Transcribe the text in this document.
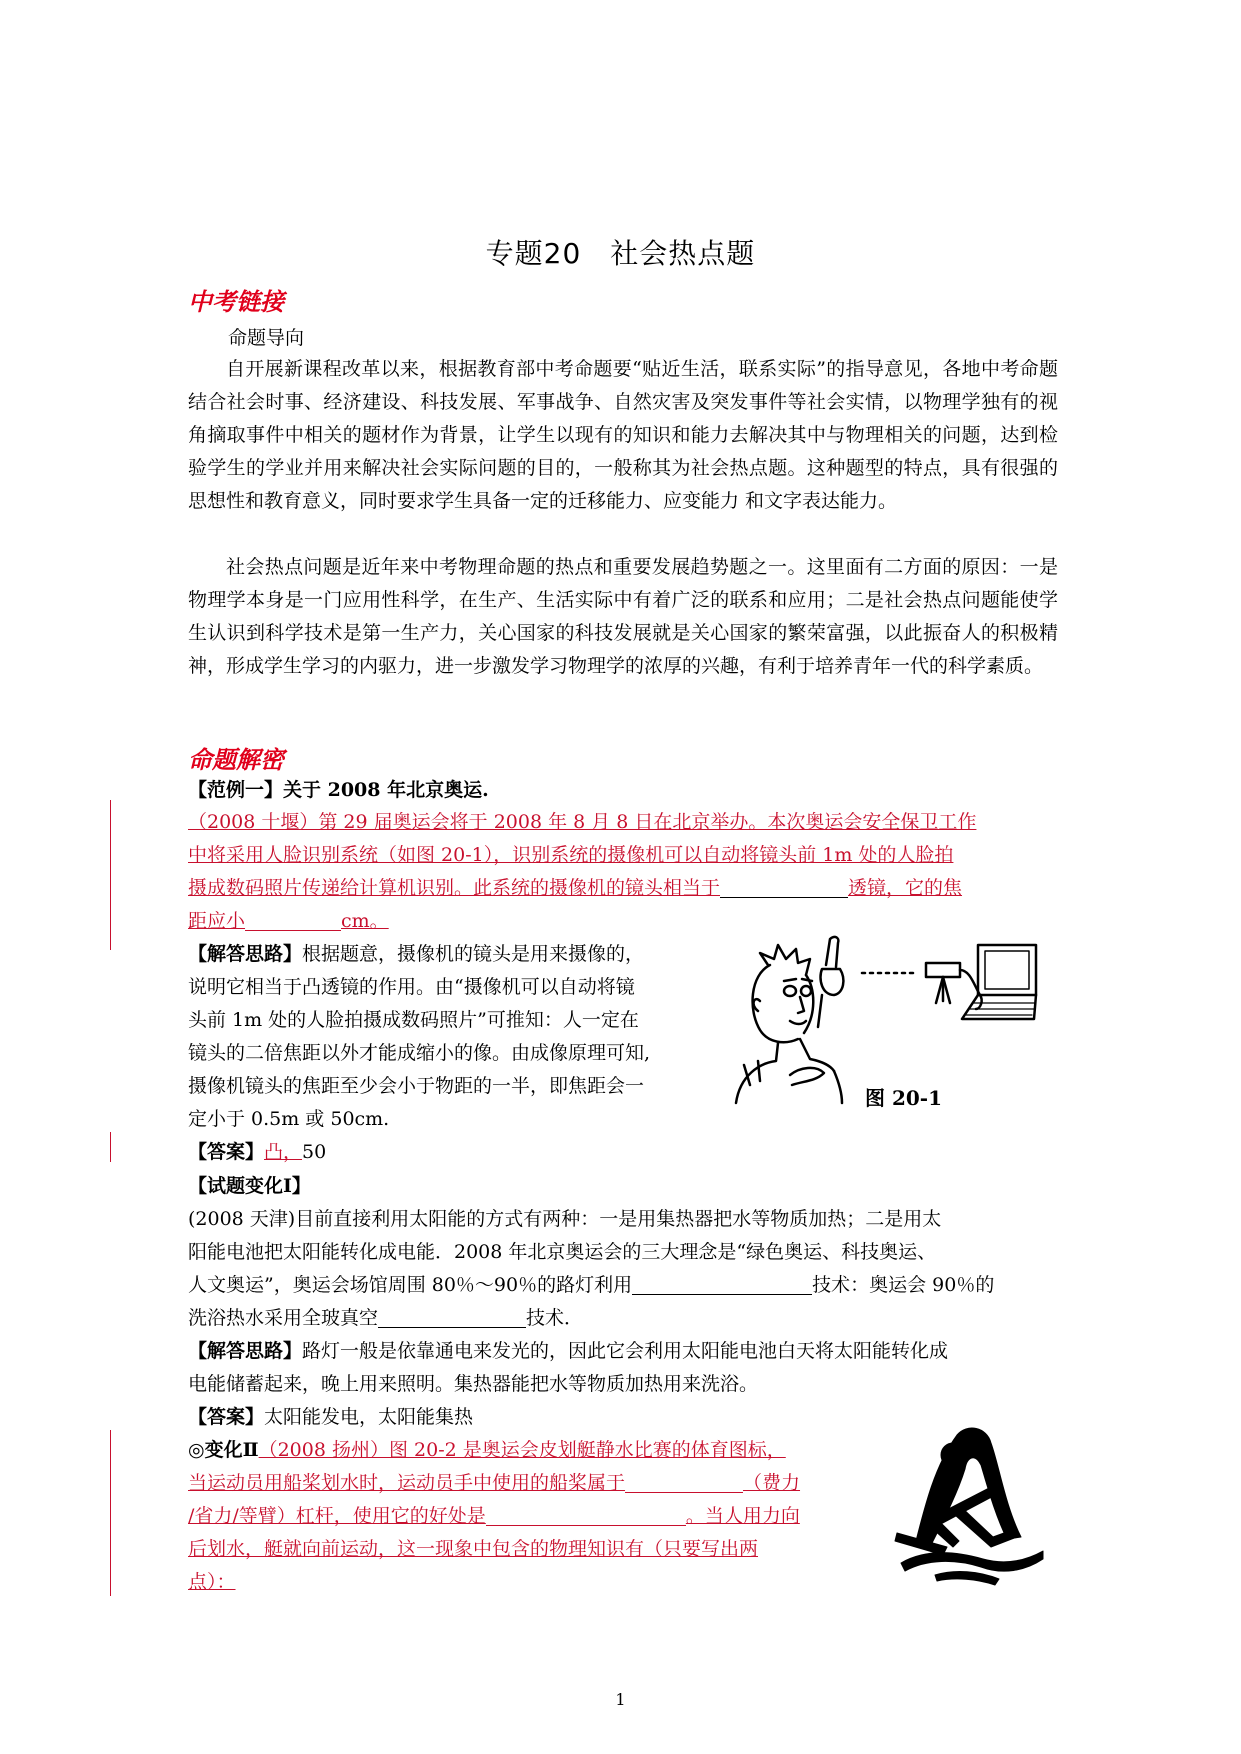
专题20　社会热点题
中考链接
命题导向

自开展新课程改革以来，根据教育部中考命题要“贴近生活，联系实际”的指导意见，各地中考命题结合社会时事、经济建设、科技发展、军事战争、自然灾害及突发事件等社会实情，以物理学独有的视角摘取事件中相关的题材作为背景，让学生以现有的知识和能力去解决其中与物理相关的问题，达到检验学生的学业并用来解决社会实际问题的目的，一般称其为社会热点题。这种题型的特点，具有很强的思想性和教育意义，同时要求学生具备一定的迁移能力、应变能力 和文字表达能力。

社会热点问题是近年来中考物理命题的热点和重要发展趋势题之一。这里面有二方面的原因：一是物理学本身是一门应用性科学，在生产、生活实际中有着广泛的联系和应用；二是社会热点问题能使学生认识到科学技术是第一生产力，关心国家的科技发展就是关心国家的繁荣富强，以此振奋人的积极精神，形成学生学习的内驱力，进一步激发学习物理学的浓厚的兴趣，有利于培养青年一代的科学素质。

命题解密
【范例一】关于 2008 年北京奥运.
（2008 十堰）第 29 届奥运会将于 2008 年 8 月 8 日在北京举办。本次奥运会安全保卫工作
中将采用人脸识别系统（如图 20-1），识别系统的摄像机可以自动将镜头前 1m 处的人脸拍
摄成数码照片传递给计算机识别。此系统的摄像机的镜头相当于	透镜，它的焦
距应小	cm。
【解答思路】根据题意，摄像机的镜头是用来摄像的，
说明它相当于凸透镜的作用。由“摄像机可以自动将镜
头前 1m 处的人脸拍摄成数码照片”可推知：人一定在
镜头的二倍焦距以外才能成缩小的像。由成像原理可知,
摄像机镜头的焦距至少会小于物距的一半，即焦距会一
定小于 0.5m 或 50cm.
图 20-1
【答案】凸，50
【试题变化Ⅰ】
(2008 天津)目前直接利用太阳能的方式有两种：一是用集热器把水等物质加热；二是用太
阳能电池把太阳能转化成电能．2008 年北京奥运会的三大理念是“绿色奥运、科技奥运、
人文奥运”，奥运会场馆周围 80％～90％的路灯利用	技术：奥运会 90％的
洗浴热水采用全玻真空	技术．
【解答思路】路灯一般是依靠通电来发光的，因此它会利用太阳能电池白天将太阳能转化成
电能储蓄起来，晚上用来照明。集热器能把水等物质加热用来洗浴。
【答案】太阳能发电，太阳能集热
◎变化Ⅱ（2008 扬州）图 20-2 是奥运会皮划艇静水比赛的体育图标，
当运动员用船桨划水时，运动员手中使用的船桨属于	（费力
/省力/等臂）杠杆，使用它的好处是	。当人用力向
后划水，艇就向前运动，这一现象中包含的物理知识有（只要写出两
点）：
1
